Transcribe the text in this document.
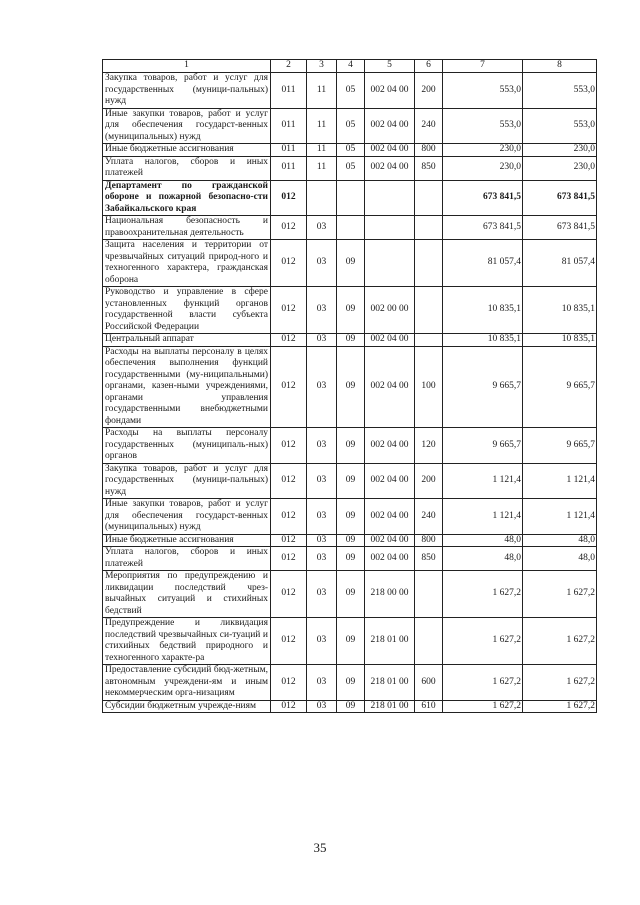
1	2	3	4	5	6	7	8
Закупка товаров, работ и услуг для государственных (муници-пальных) нужд	011	11	05	002 04 00	200	553,0	553,0
Иные закупки товаров, работ и услуг для обеспечения государст-венных (муниципальных) нужд	011	11	05	002 04 00	240	553,0	553,0
Иные бюджетные ассигнования	011	11	05	002 04 00	800	230,0	230,0
Уплата налогов, сборов и иных платежей	011	11	05	002 04 00	850	230,0	230,0
Департамент по гражданской обороне и пожарной безопасно-сти Забайкальского края	012					673 841,5	673 841,5
Национальная безопасность и правоохранительная деятельность	012	03				673 841,5	673 841,5
Защита населения и территории от чрезвычайных ситуаций природ-ного и техногенного характера, гражданская оборона	012	03	09			81 057,4	81 057,4
Руководство и управление в сфере установленных функций органов государственной власти субъекта Российской Федерации	012	03	09	002 00 00		10 835,1	10 835,1
Центральный аппарат	012	03	09	002 04 00		10 835,1	10 835,1
Расходы на выплаты персоналу в целях обеспечения выполнения функций государственными (му-ниципальными) органами, казен-ными учреждениями, органами управления государственными внебюджетными фондами	012	03	09	002 04 00	100	9 665,7	9 665,7
Расходы на выплаты персоналу государственных (муниципаль-ных) органов	012	03	09	002 04 00	120	9 665,7	9 665,7
Закупка товаров, работ и услуг для государственных (муници-пальных) нужд	012	03	09	002 04 00	200	1 121,4	1 121,4
Иные закупки товаров, работ и услуг для обеспечения государст-венных (муниципальных) нужд	012	03	09	002 04 00	240	1 121,4	1 121,4
Иные бюджетные ассигнования	012	03	09	002 04 00	800	48,0	48,0
Уплата налогов, сборов и иных платежей	012	03	09	002 04 00	850	48,0	48,0
Мероприятия по предупреждению и ликвидации последствий чрез-вычайных ситуаций и стихийных бедствий	012	03	09	218 00 00		1 627,2	1 627,2
Предупреждение и ликвидация последствий чрезвычайных си-туаций и стихийных бедствий природного и техногенного характе-ра	012	03	09	218 01 00		1 627,2	1 627,2
Предоставление субсидий бюд-жетным, автономным учреждени-ям и иным некоммерческим орга-низациям	012	03	09	218 01 00	600	1 627,2	1 627,2
Субсидии бюджетным учрежде-ниям	012	03	09	218 01 00	610	1 627,2	1 627,2
35
